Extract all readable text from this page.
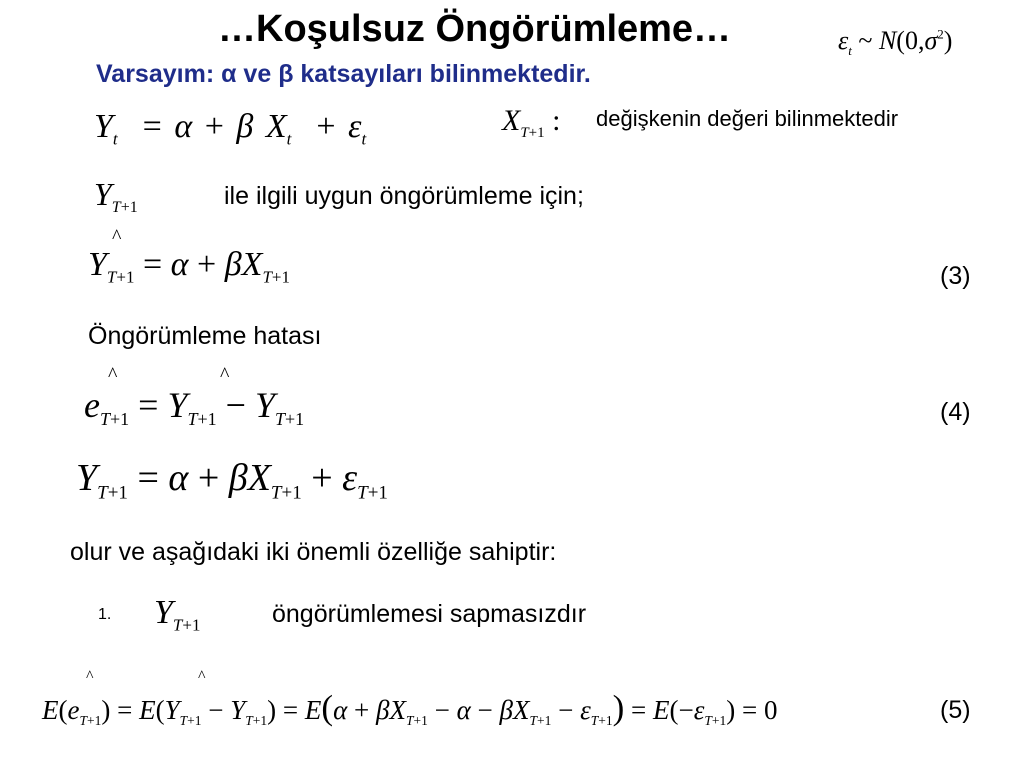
…Koşulsuz Öngörümleme…	$\varepsilon_t$ ~ $N(0,\sigma^2)$
Varsayım: α ve β katsayıları bilinmektedir.
$Y_t = \alpha + \beta$ $X_t + \varepsilon_t$
$X_{T+1}$ : değişkenin değeri bilinmektedir
$Y_{T+1}$	ile ilgili uygun öngörümleme için;
^
$Y_{T+1} = \alpha + \beta X_{T+1}$	(3)
Öngörümleme hatası
^	^
$e_{T+1} = Y_{T+1} - Y_{T+1}$	(4)
$Y_{T+1} = \alpha + \beta X_{T+1} + \varepsilon_{T+1}$
olur ve aşağıdaki iki önemli özelliğe sahiptir:
1. $Y_{T+1}$	öngörümlemesi sapmasızdır
^	^
$E(e_{T+1}) = E(Y_{T+1} - Y_{T+1}) = E(\alpha + \beta X_{T+1} - \alpha - \beta X_{T+1} - \varepsilon_{T+1}) = E(-\varepsilon_{T+1}) = 0$	(5)
